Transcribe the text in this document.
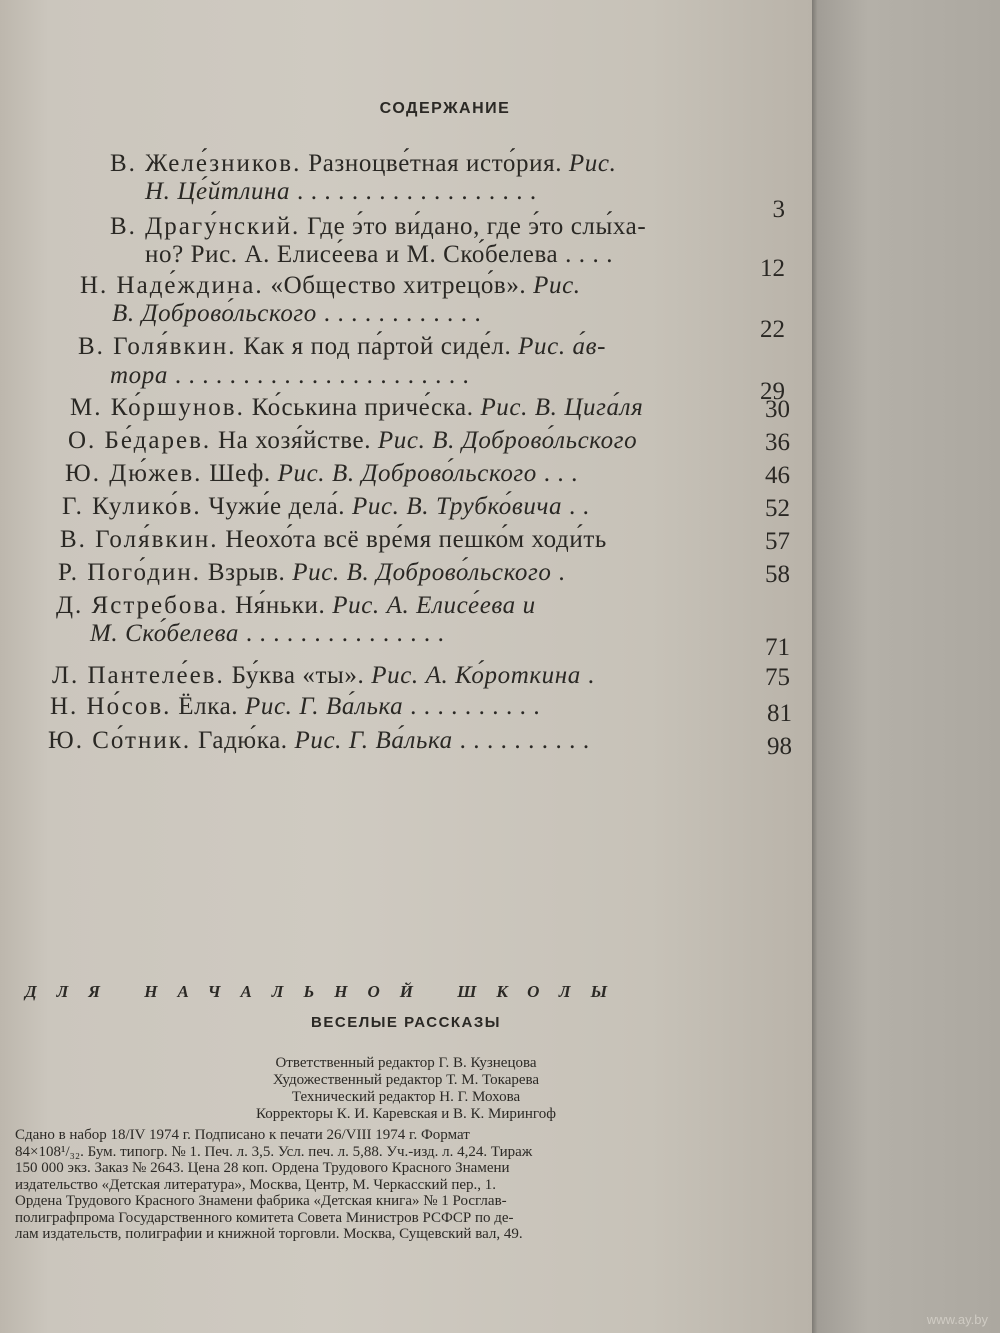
СОДЕРЖАНИЕ
В. Желе́зников. Разноцве́тная исто́рия. Рис.
Н. Це́йтлина . . . . . . . . . . . . . . . . . .
3
В. Драгу́нский. Где э́то ви́дано, где э́то слы́ха-
но? Рис. А. Елисе́ева и М. Ско́белева . . . .
12
Н. Наде́ждина. «Общество хитрецо́в». Рис.
В. Доброво́льского . . . . . . . . . . . .
22
В. Голя́вкин. Как я под па́ртой сиде́л. Рис. а́в-
тора . . . . . . . . . . . . . . . . . . . . . .
29
М. Ко́ршунов. Ко́ськина приче́ска. Рис. В. Цига́ля	30
О. Бе́дарев. На хозя́йстве. Рис. В. Доброво́льского	36
Ю. Дю́жев. Шеф. Рис. В. Доброво́льского . . .	46
Г. Кулико́в. Чужи́е дела́. Рис. В. Трубко́вича . .	52
В. Голя́вкин. Неохо́та всё вре́мя пешко́м ходи́ть	57
Р. Пого́дин. Взрыв. Рис. В. Доброво́льского .	58
Д. Ястребова. Ня́ньки. Рис. А. Елисе́ева и
М. Ско́белева . . . . . . . . . . . . . . .
71
Л. Пантеле́ев. Бу́ква «ты». Рис. А. Ко́роткина .	75
Н. Но́сов. Ёлка. Рис. Г. Ва́лька . . . . . . . . . .	81
Ю. Со́тник. Гадю́ка. Рис. Г. Ва́лька . . . . . . . . . .	98
ДЛЯ НАЧАЛЬНОЙ ШКОЛЫ
ВЕСЕЛЫЕ РАССКАЗЫ
Ответственный редактор Г. В. Кузнецова
Художественный редактор Т. М. Токарева
Технический редактор Н. Г. Мохова
Корректоры К. И. Каревская и В. К. Мирингоф
Сдано в набор 18/IV 1974 г. Подписано к печати 26/VIII 1974 г. Формат
84×108¹/₃₂. Бум. типогр. № 1. Печ. л. 3,5. Усл. печ. л. 5,88. Уч.-изд. л. 4,24. Тираж
150 000 экз. Заказ № 2643. Цена 28 коп. Ордена Трудового Красного Знамени
издательство «Детская литература», Москва, Центр, М. Черкасский пер., 1.
Ордена Трудового Красного Знамени фабрика «Детская книга» № 1 Росглав-
полиграфпрома Государственного комитета Совета Министров РСФСР по де-
лам издательств, полиграфии и книжной торговли. Москва, Сущевский вал, 49.
www.ay.by
